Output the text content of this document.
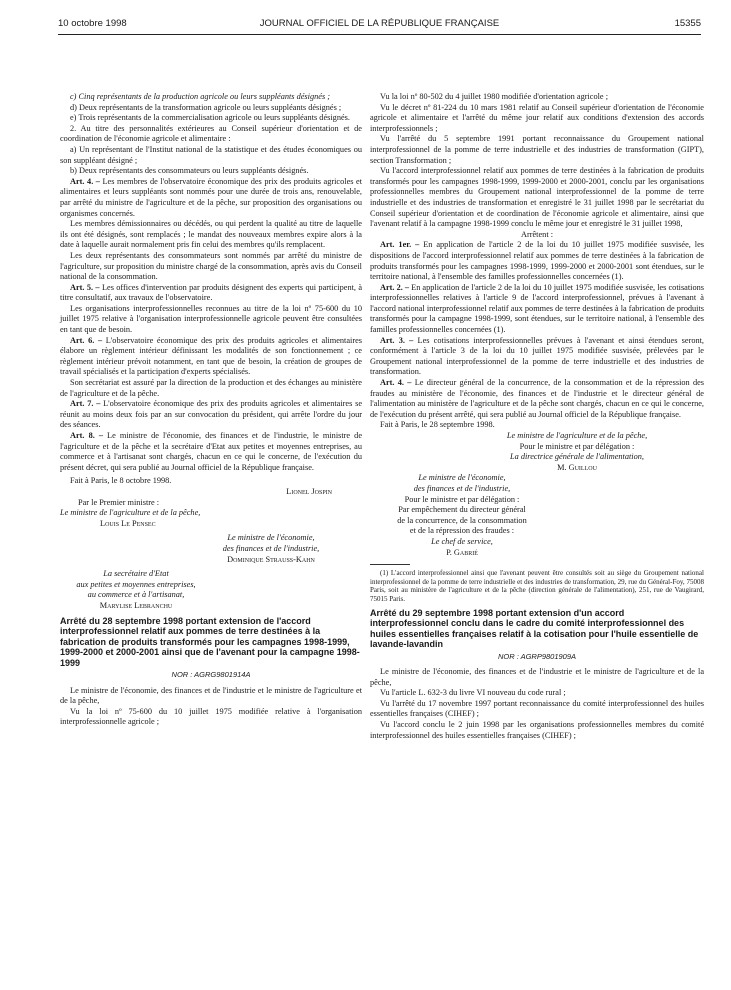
10 octobre 1998	JOURNAL OFFICIEL DE LA RÉPUBLIQUE FRANÇAISE	15355

c) Cinq représentants de la production agricole ou leurs suppléants désignés ;

d) Deux représentants de la transformation agricole ou leurs suppléants désignés ;

e) Trois représentants de la commercialisation agricole ou leurs suppléants désignés.

2. Au titre des personnalités extérieures au Conseil supérieur d'orientation et de coordination de l'économie agricole et alimentaire :

a) Un représentant de l'Institut national de la statistique et des études économiques ou son suppléant désigné ;

b) Deux représentants des consommateurs ou leurs suppléants désignés.

Art. 4. – Les membres de l'observatoire économique des prix des produits agricoles et alimentaires et leurs suppléants sont nommés pour une durée de trois ans, renouvelable, par arrêté du ministre de l'agriculture et de la pêche, sur proposition des organisations ou organismes concernés.

Les membres démissionnaires ou décédés, ou qui perdent la qualité au titre de laquelle ils ont été désignés, sont remplacés ; le mandat des nouveaux membres expire alors à la date à laquelle aurait normalement pris fin celui des membres qu'ils remplacent.

Les deux représentants des consommateurs sont nommés par arrêté du ministre de l'agriculture, sur proposition du ministre chargé de la consommation, après avis du Conseil national de la consommation.

Art. 5. – Les offices d'intervention par produits désignent des experts qui participent, à titre consultatif, aux travaux de l'observatoire.

Les organisations interprofessionnelles reconnues au titre de la loi nº 75-600 du 10 juillet 1975 relative à l'organisation interprofessionnelle agricole peuvent être consultées en tant que de besoin.

Art. 6. – L'observatoire économique des prix des produits agricoles et alimentaires élabore un règlement intérieur définissant les modalités de son fonctionnement ; ce règlement intérieur prévoit notamment, en tant que de besoin, la création de groupes de travail spécialisés et la participation d'experts spécialisés.

Son secrétariat est assuré par la direction de la production et des échanges au ministère de l'agriculture et de la pêche.

Art. 7. – L'observatoire économique des prix des produits agricoles et alimentaires se réunit au moins deux fois par an sur convocation du président, qui arrête l'ordre du jour des séances.

Art. 8. – Le ministre de l'économie, des finances et de l'industrie, le ministre de l'agriculture et de la pêche et la secrétaire d'Etat aux petites et moyennes entreprises, au commerce et à l'artisanat sont chargés, chacun en ce qui le concerne, de l'exécution du présent décret, qui sera publié au Journal officiel de la République française.

Fait à Paris, le 8 octobre 1998.

Lionel Jospin

Par le Premier ministre :

Le ministre de l'agriculture et de la pêche,

Louis Le Pensec

Le ministre de l'économie,

des finances et de l'industrie,

Dominique Strauss-Kahn

La secrétaire d'Etat

aux petites et moyennes entreprises,

au commerce et à l'artisanat,

Marylise Lebranchu

Arrêté du 28 septembre 1998 portant extension de l'accord interprofessionnel relatif aux pommes de terre destinées à la fabrication de produits transformés pour les campagnes 1998-1999, 1999-2000 et 2000-2001 ainsi que de l'avenant pour la campagne 1998-1999

NOR : AGRG9801914A

Le ministre de l'économie, des finances et de l'industrie et le ministre de l'agriculture et de la pêche,

Vu la loi nº 75-600 du 10 juillet 1975 modifiée relative à l'organisation interprofessionnelle agricole ;

Vu la loi nº 80-502 du 4 juillet 1980 modifiée d'orientation agricole ;

Vu le décret nº 81-224 du 10 mars 1981 relatif au Conseil supérieur d'orientation de l'économie agricole et alimentaire et l'arrêté du même jour relatif aux conditions d'extension des accords interprofessionnels ;

Vu l'arrêté du 5 septembre 1991 portant reconnaissance du Groupement national interprofessionnel de la pomme de terre industrielle et des industries de transformation (GIPT), section Transformation ;

Vu l'accord interprofessionnel relatif aux pommes de terre destinées à la fabrication de produits transformés pour les campagnes 1998-1999, 1999-2000 et 2000-2001, conclu par les organisations professionnelles membres du Groupement national interprofessionnel de la pomme de terre industrielle et des industries de transformation et enregistré le 31 juillet 1998 par le secrétariat du Conseil supérieur d'orientation et de coordination de l'économie agricole et alimentaire, ainsi que l'avenant relatif à la campagne 1998-1999 conclu le même jour et enregistré le 31 juillet 1998,

Arrêtent :

Art. 1er. – En application de l'article 2 de la loi du 10 juillet 1975 modifiée susvisée, les dispositions de l'accord interprofessionnel relatif aux pommes de terre destinées à la fabrication de produits transformés pour les campagnes 1998-1999, 1999-2000 et 2000-2001 sont étendues, sur le territoire national, à l'ensemble des familles professionnelles concernées (1).

Art. 2. – En application de l'article 2 de la loi du 10 juillet 1975 modifiée susvisée, les cotisations interprofessionnelles relatives à l'article 9 de l'accord interprofessionnel, prévues à l'avenant à l'accord national interprofessionnel relatif aux pommes de terre destinées à la fabrication de produits transformés pour la campagne 1998-1999, sont étendues, sur le territoire national, à l'ensemble des familles professionnelles concernées (1).

Art. 3. – Les cotisations interprofessionnelles prévues à l'avenant et ainsi étendues seront, conformément à l'article 3 de la loi du 10 juillet 1975 modifiée susvisée, prélevées par le Groupement national interprofessionnel de la pomme de terre industrielle et des industries de transformation.

Art. 4. – Le directeur général de la concurrence, de la consommation et de la répression des fraudes au ministère de l'économie, des finances et de l'industrie et le directeur général de l'alimentation au ministère de l'agriculture et de la pêche sont chargés, chacun en ce qui le concerne, de l'exécution du présent arrêté, qui sera publié au Journal officiel de la République française.

Fait à Paris, le 28 septembre 1998.

Le ministre de l'agriculture et de la pêche,

Pour le ministre et par délégation :

La directrice générale de l'alimentation,

M. Guillou

Le ministre de l'économie,

des finances et de l'industrie,

Pour le ministre et par délégation :

Par empêchement du directeur général

de la concurrence, de la consommation

et de la répression des fraudes :

Le chef de service,

P. Gabrié

(1) L'accord interprofessionnel ainsi que l'avenant peuvent être consultés soit au siège du Groupement national interprofessionnel de la pomme de terre industrielle et des industries de transformation, 29, rue du Général-Foy, 75008 Paris, soit au ministère de l'agriculture et de la pêche (direction générale de l'alimentation), 251, rue de Vaugirard, 75015 Paris.

Arrêté du 29 septembre 1998 portant extension d'un accord interprofessionnel conclu dans le cadre du comité interprofessionnel des huiles essentielles françaises relatif à la cotisation pour l'huile essentielle de lavande-lavandin

NOR : AGRP9801909A

Le ministre de l'économie, des finances et de l'industrie et le ministre de l'agriculture et de la pêche,

Vu l'article L. 632-3 du livre VI nouveau du code rural ;

Vu l'arrêté du 17 novembre 1997 portant reconnaissance du comité interprofessionnel des huiles essentielles françaises (CIHEF) ;

Vu l'accord conclu le 2 juin 1998 par les organisations professionnelles membres du comité interprofessionnel des huiles essentielles françaises (CIHEF) ;
